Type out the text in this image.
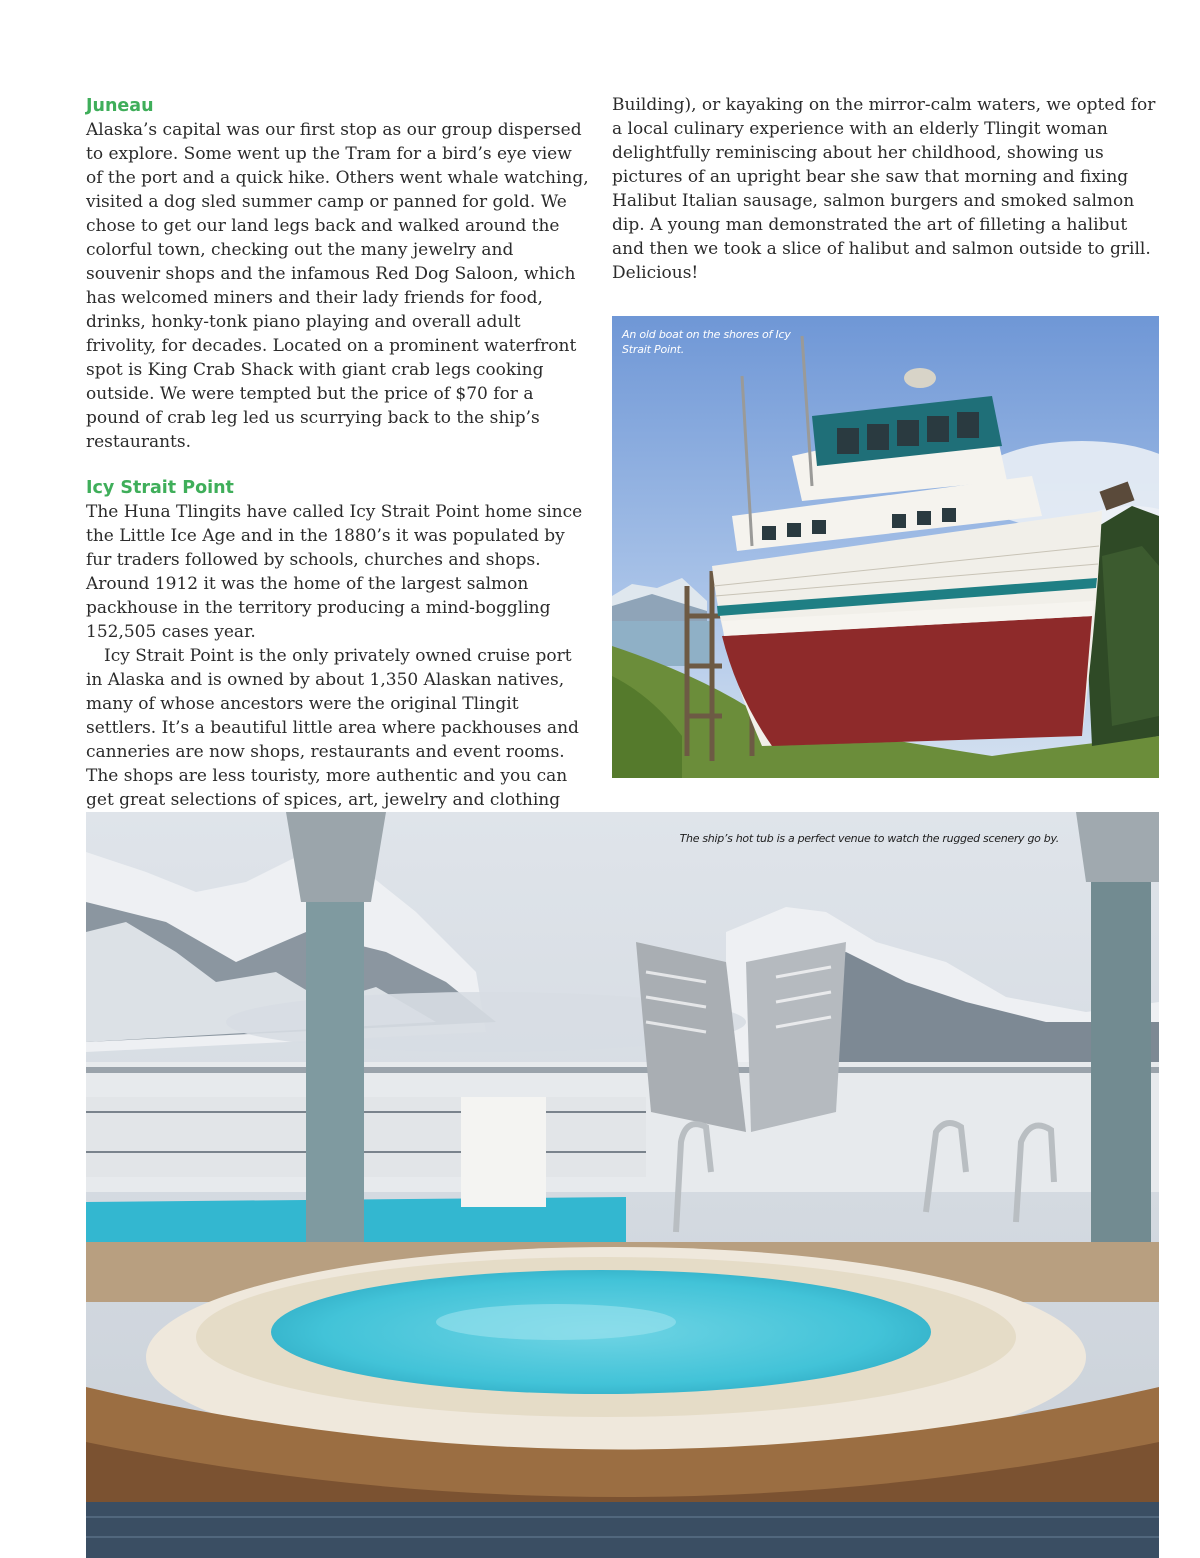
Juneau

Alaska’s capital was our first stop as our group dispersed to explore. Some went up the Tram for a bird’s eye view of the port and a quick hike. Others went whale watching, visited a dog sled summer camp or panned for gold. We chose to get our land legs back and walked around the colorful town, checking out the many jewelry and souvenir shops and the infamous Red Dog Saloon, which has welcomed miners and their lady friends for food, drinks, honky-tonk piano playing and overall adult frivolity, for decades. Located on a prominent waterfront spot is King Crab Shack with giant crab legs cooking outside. We were tempted but the price of $70 for a pound of crab leg led us scurrying back to the ship’s restaurants.

Icy Strait Point

The Huna Tlingits have called Icy Strait Point home since the Little Ice Age and in the 1880’s it was populated by fur traders followed by schools, churches and shops. Around 1912 it was the home of the largest salmon packhouse in the territory producing a mind-boggling 152,505 cases year.

Icy Strait Point is the only privately owned cruise port in Alaska and is owned by about 1,350 Alaskan natives, many of whose ancestors were the original Tlingit settlers. It’s a beautiful little area where packhouses and canneries are now shops, restaurants and event rooms. The shops are less touristy, more authentic and you can get great selections of spices, art, jewelry and clothing

Building), or kayaking on the mirror-calm waters, we opted for a local culinary experience with an elderly Tlingit woman delightfully reminiscing about her childhood, showing us pictures of an upright bear she saw that morning and fixing Halibut Italian sausage, salmon burgers and smoked salmon dip. A young man demonstrated the art of filleting a halibut and then we took a slice of halibut and salmon outside to grill. Delicious!

An old boat on the shores of Icy Strait Point.
The ship’s hot tub is a perfect venue to watch the rugged scenery go by.
